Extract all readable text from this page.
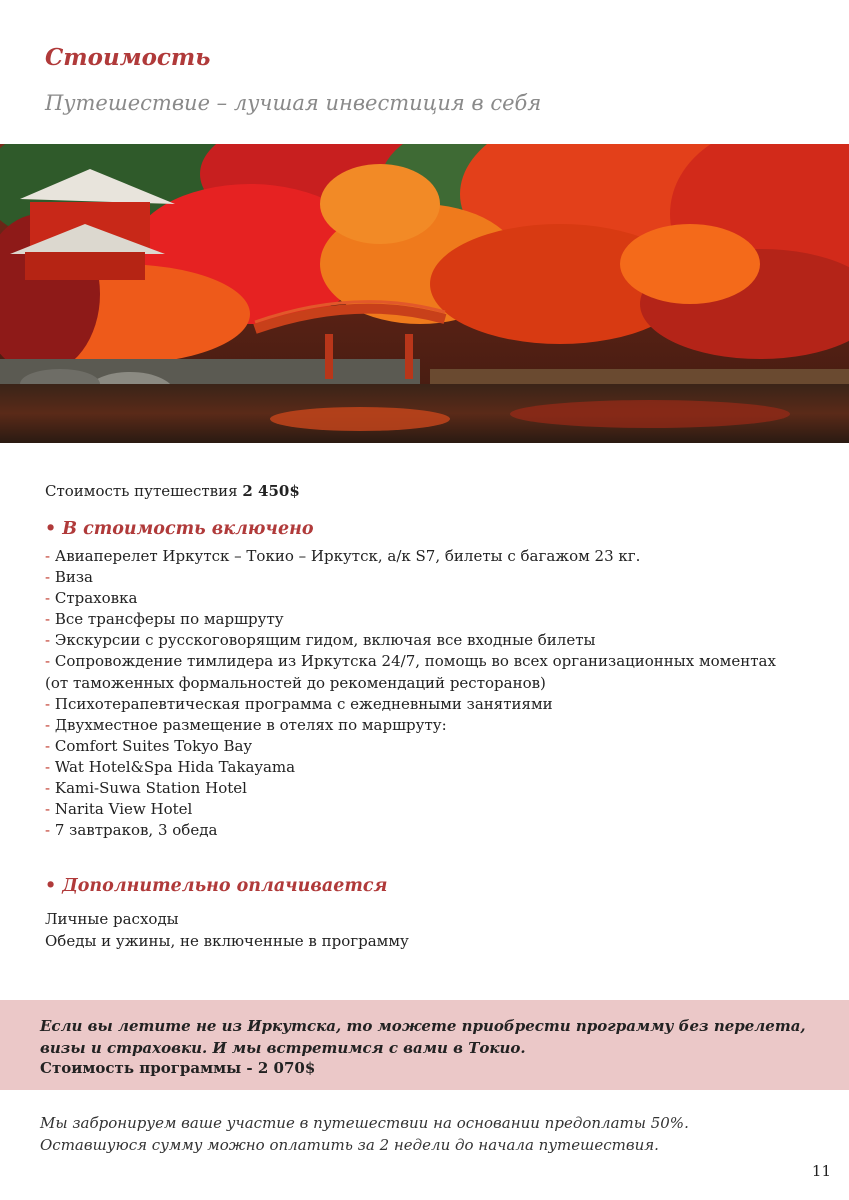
Стоимость
Путешествие – лучшая инвестиция в себя
Стоимость путешествия 2 450$
• В стоимость включено
- Авиаперелет Иркутск – Токио – Иркутск, а/к S7, билеты с багажом 23 кг.
- Виза
- Страховка
- Все трансферы по маршруту
- Экскурсии с русскоговорящим гидом, включая все входные билеты
- Сопровождение тимлидера из Иркутска 24/7, помощь во всех организационных моментах
(от таможенных формальностей до рекомендаций ресторанов)
- Психотерапевтическая программа с ежедневными занятиями
- Двухместное размещение в отелях по маршруту:
- Comfort Suites Tokyo Bay
- Wat Hotel&Spa Hida Takayama
- Kami-Suwa Station Hotel
- Narita View Hotel
- 7 завтраков, 3 обеда
• Дополнительно оплачивается
Личные расходы
Обеды и ужины, не включенные в программу
Если вы летите не из Иркутска, то можете приобрести программу без перелета, визы и страховки. И мы встретимся с вами в Токио.
Стоимость программы - 2 070$
Мы забронируем ваше участие в путешествии на основании предоплаты 50%.
Оставшуюся сумму можно оплатить за 2 недели до начала путешествия.
11
